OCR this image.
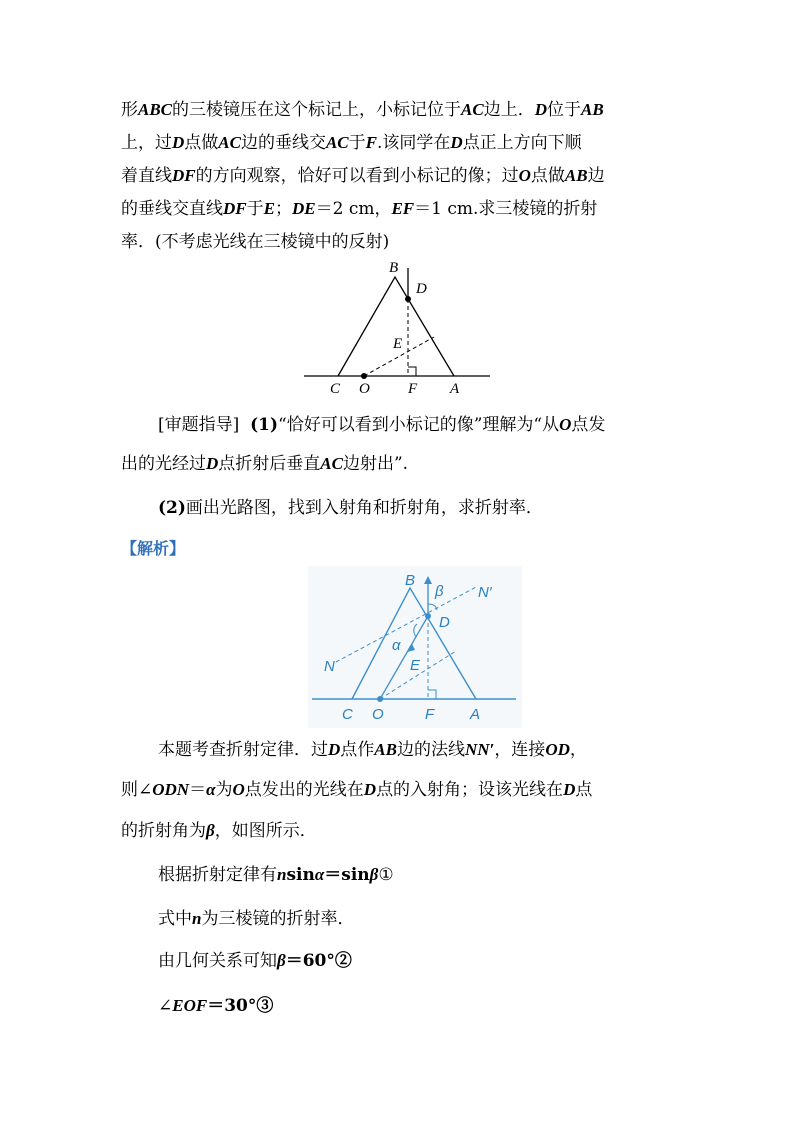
形ABC的三棱镜压在这个标记上，小标记位于AC边上．D位于AB
上，过D点做AC边的垂线交AC于F.该同学在D点正上方向下顺
着直线DF的方向观察，恰好可以看到小标记的像；过O点做AB边
的垂线交直线DF于E；DE＝2 cm，EF＝1 cm.求三棱镜的折射
率．(不考虑光线在三棱镜中的反射)
B
D
E
C O	F A
[审题指导] (1)“恰好可以看到小标记的像”理解为“从O点发
出的光经过D点折射后垂直AC边射出”.
(2)画出光路图，找到入射角和折射角，求折射率．
【解析】
B
β N′
D
N
α
E
C O	F A
本题考查折射定律．过D点作AB边的法线NN′，连接OD，
则∠ODN＝α为O点发出的光线在D点的入射角；设该光线在D点
的折射角为β，如图所示．
根据折射定律有nsinα＝sinβ①
式中n为三棱镜的折射率．
由几何关系可知β＝60°②
∠EOF＝30°③
